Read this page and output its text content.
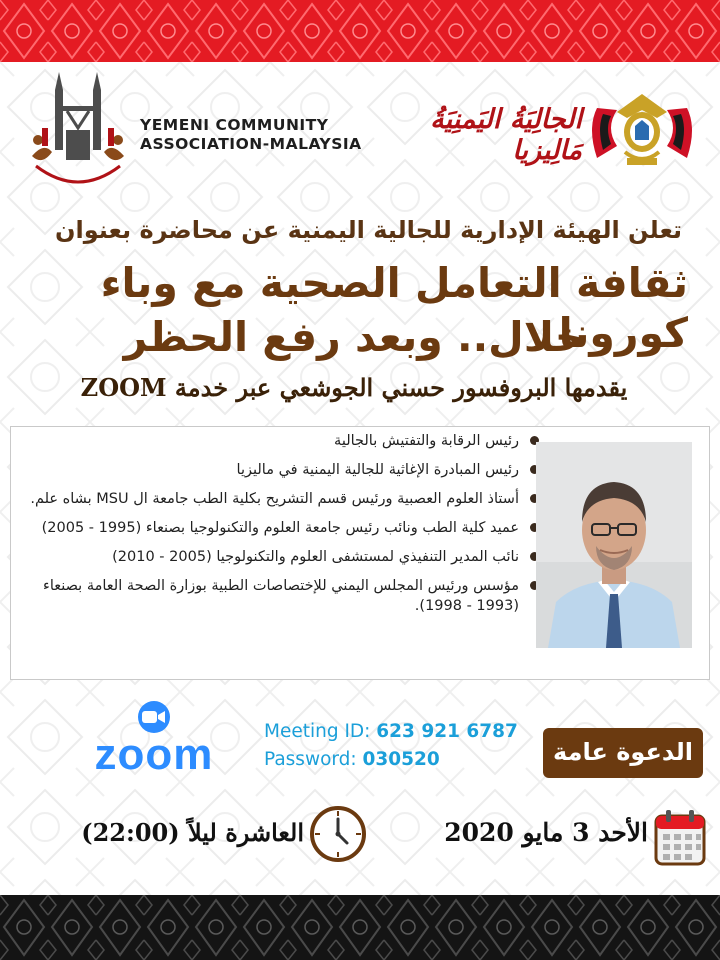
YEMENI COMMUNITY
ASSOCIATION-MALAYSIA
الجالِيَةُ اليَمنِيَةُ مَالِيزيا
تعلن الهيئة الإدارية للجالية اليمنية عن محاضرة بعنوان
ثقافة التعامل الصحية مع وباء كورونا
خلال.. وبعد رفع الحظر
يقدمها البروفسور حسني الجوشعي عبر خدمة ZOOM
رئيس الرقابة والتفتيش بالجالية
رئيس المبادرة الإغاثية للجالية اليمنية في ماليزيا
أستاذ العلوم العصبية ورئيس قسم التشريح بكلية الطب جامعة ال MSU بشاه علم.
عميد كلية الطب ونائب رئيس جامعة العلوم والتكنولوجيا بصنعاء (1995 - 2005)
نائب المدير التنفيذي لمستشفى العلوم والتكنولوجيا (2005 - 2010)
مؤسس ورئيس المجلس اليمني للإختصاصات الطبية بوزارة الصحة العامة بصنعاء (1993 - 1998).
zoom	Meeting ID: 623 921 6787
Password: 030520	الدعوة عامة
الأحد 3 مايو 2020
العاشرة ليلاً (22:00)
